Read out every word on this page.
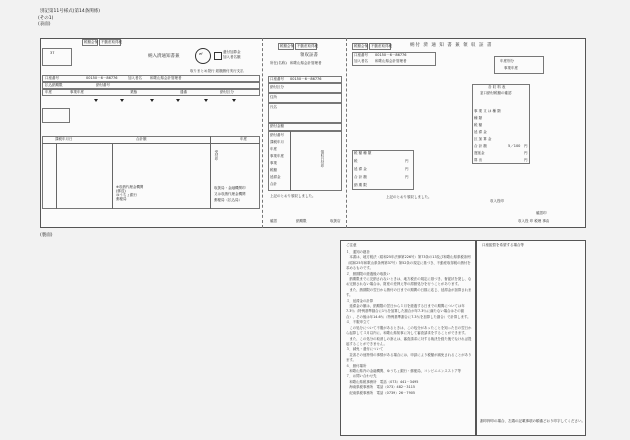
別記第11号様式(第14条関係)
(その1)
(表面)
税額会保 不動産取得税
納入済通知書兼	ef	還付加算金
加入者名額
37
取りまとめ発行 総額納付実行支払
口座番号	00150－6－86776	加入者名 和歌山県会計管理者
払込納期限	納付番号
年度	事業年度	業態	通番	納付区分
課税年月日	合計額	年度
※収納代理金機関
(郵送)
ゆうちょ銀行
郵便局
受付印
取扱局・金融機関印
又は収納代理金機関
郵便局（払込局）
税額会保 不動産取得税
領収証書
所在(名称) 和歌山県会計管理者
口座番号 00150－6－86776
納付区分
住所
氏名
納付金額
納付番号
課税年月
年度
事業年度
事業
税額
延滞金
合計
上記のとおり領収しました。
納期限	取扱店
領収日付印
確認
税額会保 不動産取得税	納付 済 通 知 書 兼 領 収 証 書
口座番号 00150－6－86776
加入者名 和歌山県会計管理者	年度別分
事業年度
税 額 種 類
税
延 滞 金
合 計 額
納 期 限
円
円
円
上記のとおり領収しました。
各 収 料 表
窓口納付税額の確認
事 業 又 は 種 類
種 類
税 額
延 滞 金
区 加 算 金
合 計 額
遅延金
算 出
5／100 円
円
円
収入役印
確認印
収入役 印 税理 事由
(裏面)
ご注意
１．通知の趣旨
　本書は、地方税法（昭和25年法律第226号）第73条の13及び和歌山県県税条例（昭和25年和歌山県条例第37号）第52条の規定に基づき、不動産取得税の納付を求めるものです。
２．納期限の経過後の取扱い
　納期限までに完納されないときは、地方税法の規定に基づき、督促状を発し、なお完納されない場合は、財産の差押え等の滞納処分を行うことがあります。
　また、納期限の翌日から納付の日までの期間の日数に応じ、延滞金が加算されます。
３．延滞金の計算
　延滞金の額は、納期限の翌日から１月を経過する日までの期間については年7.3％（特例基準割合に1％を加算した割合が年7.3％に満たない場合はその割合）、その後は年14.6％（特例基準割合に7.3％を加算した割合）で計算します。
４．不服申立て
　この処分について不服があるときは、この処分があったことを知った日の翌日から起算して３月以内に、和歌山県知事に対して審査請求をすることができます。
　また、この処分の取消しの訴えは、審査請求に対する裁決を経た後でなければ提起することができません。
５．減免・還付について
　災害その他特別の事情がある場合には、申請により税額が減免されることがあります。
６．納付場所
　和歌山県内の金融機関、ゆうちょ銀行・郵便局、コンビニエンスストア等
７．お問い合わせ先
　和歌山県税事務所　電話（073）441－3495
　海南県税事務所　電話（073）482－3115
　紀南県税事務所　電話（0739）26－7905
口座振替を希望する場合等
割印押印の場合、左端の記載事項の順番どおり印字してください。
